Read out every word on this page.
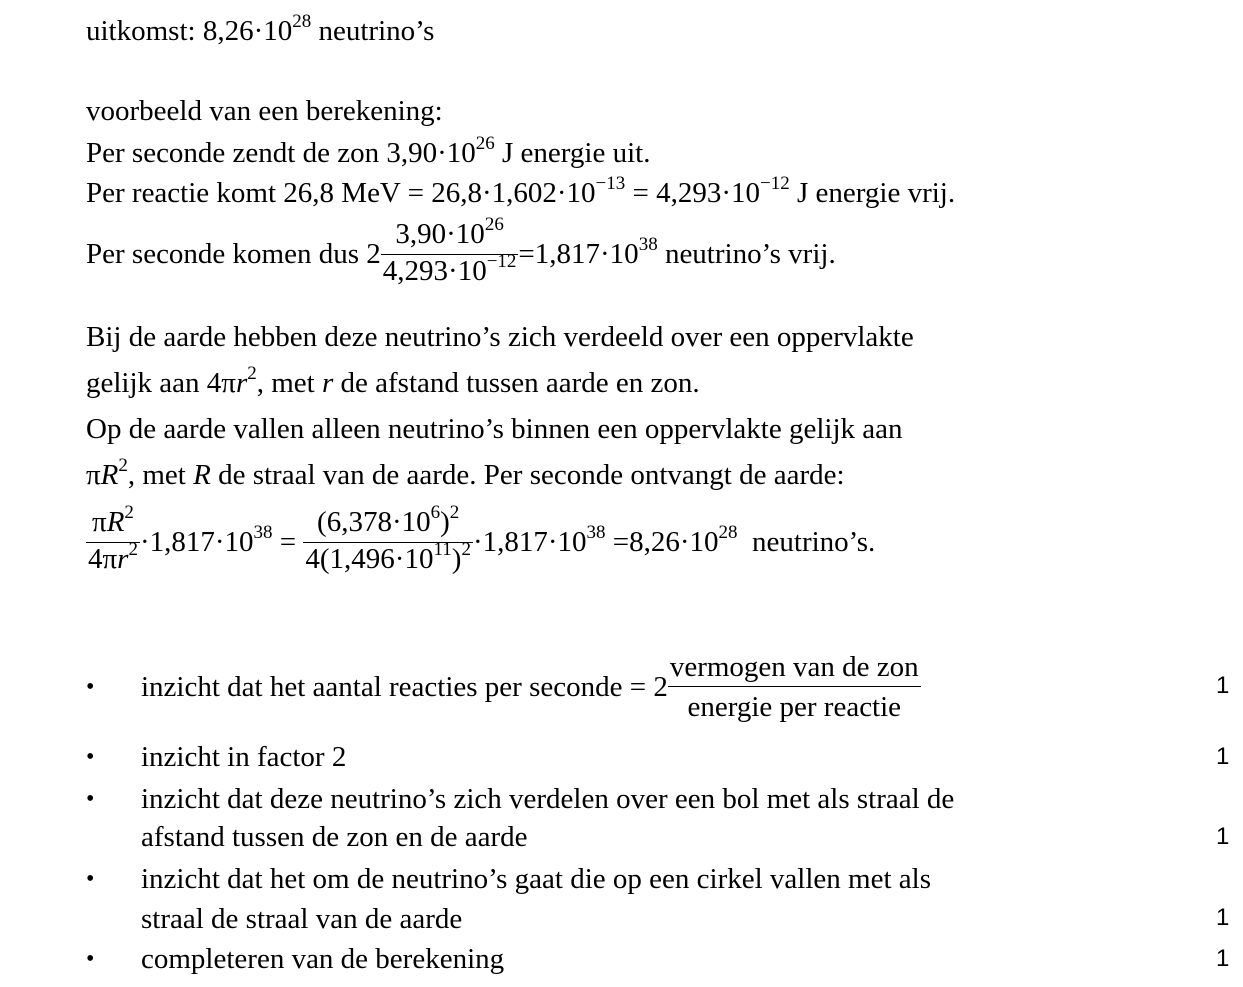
uitkomst: $8,26\cdot 10^{28}$ neutrino’s
voorbeeld van een berekening:
Per seconde zendt de zon $3,90\cdot 10^{26}$ J energie uit.
Per reactie komt 26,8 MeV = $26,8\cdot 1,602\cdot 10^{-13} = 4,293\cdot 10^{-12}$ J energie vrij.
Per seconde komen dus $2 \frac{3,90\cdot 10^{26}}{4,293\cdot 10^{-12}} =1,817\cdot 10^{38}$ neutrino’s vrij.
Bij de aarde hebben deze neutrino’s zich verdeeld over een oppervlakte
gelijk aan $4\pi r^2$, met r de afstand tussen aarde en zon.
Op de aarde vallen alleen neutrino’s binnen een oppervlakte gelijk aan
$\pi R^2$, met R de straal van de aarde. Per seconde ontvangt de aarde:
$\frac{\pi R^2}{4\pi r^2} \cdot 1,817\cdot 10^{38} = \frac{(6,378\cdot 10^6)^2}{4(1,496\cdot 10^{11})^2} \cdot 1,817\cdot 10^{38} =8,26\cdot 10^{28}$  neutrino’s.
• inzicht dat het aantal reacties per seconde = $2 \frac{\text{vermogen van de zon}}{\text{energie per reactie}}$	1
• inzicht in factor 2	1
• inzicht dat deze neutrino’s zich verdelen over een bol met als straal de
afstand tussen de zon en de aarde	1
• inzicht dat het om de neutrino’s gaat die op een cirkel vallen met als
straal de straal van de aarde	1
• completeren van de berekening	1
